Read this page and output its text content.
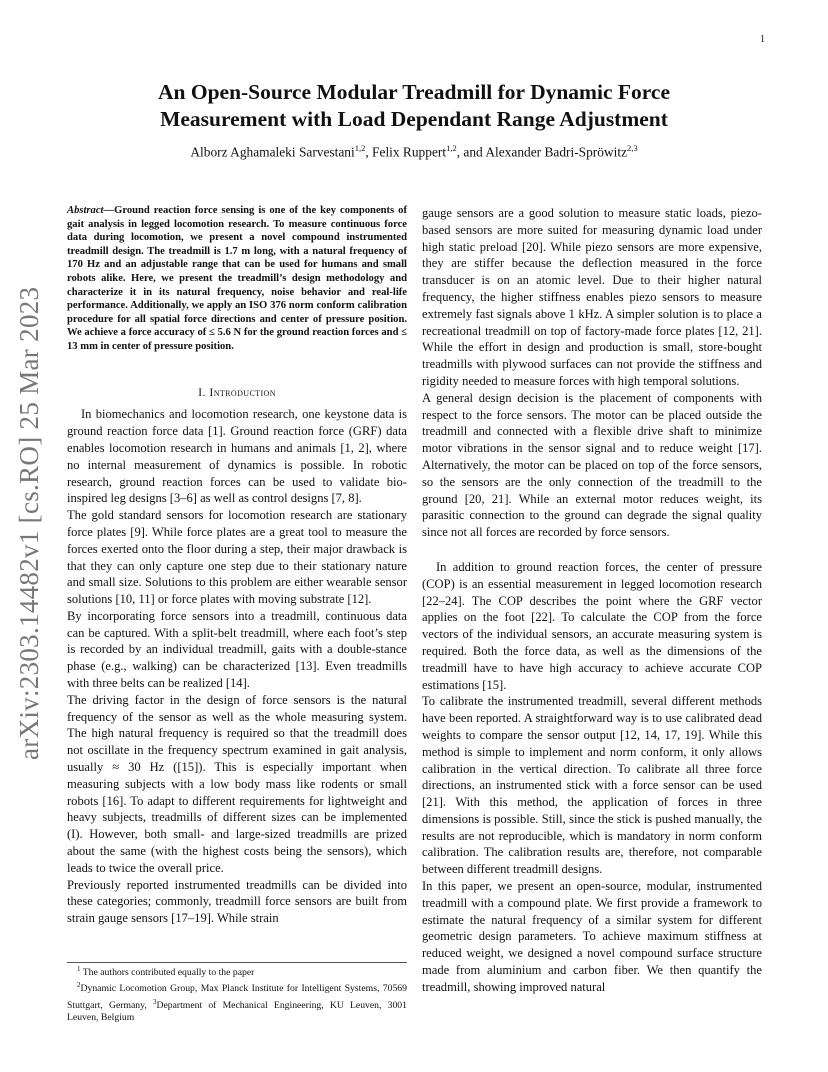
1
arXiv:2303.14482v1 [cs.RO] 25 Mar 2023
An Open-Source Modular Treadmill for Dynamic Force
Measurement with Load Dependant Range Adjustment
Alborz Aghamaleki Sarvestani$^{1,2}$, Felix Ruppert$^{1,2}$, and Alexander Badri-Spröwitz$^{2,3}$

Abstract—Ground reaction force sensing is one of the key components of gait analysis in legged locomotion research. To measure continuous force data during locomotion, we present a novel compound instrumented treadmill design. The treadmill is 1.7 m long, with a natural frequency of 170 Hz and an adjustable range that can be used for humans and small robots alike. Here, we present the treadmill’s design methodology and characterize it in its natural frequency, noise behavior and real-life performance. Additionally, we apply an ISO 376 norm conform calibration procedure for all spatial force directions and center of pressure position. We achieve a force accuracy of ≤ 5.6 N for the ground reaction forces and ≤ 13 mm in center of pressure position.

I. Introduction

In biomechanics and locomotion research, one keystone data is ground reaction force data [1]. Ground reaction force (GRF) data enables locomotion research in humans and animals [1, 2], where no internal measurement of dynamics is possible. In robotic research, ground reaction forces can be used to validate bio-inspired leg designs [3–6] as well as control designs [7, 8].

The gold standard sensors for locomotion research are stationary force plates [9]. While force plates are a great tool to measure the forces exerted onto the floor during a step, their major drawback is that they can only capture one step due to their stationary nature and small size. Solutions to this problem are either wearable sensor solutions [10, 11] or force plates with moving substrate [12].

By incorporating force sensors into a treadmill, continuous data can be captured. With a split-belt treadmill, where each foot’s step is recorded by an individual treadmill, gaits with a double-stance phase (e.g., walking) can be characterized [13]. Even treadmills with three belts can be realized [14].

The driving factor in the design of force sensors is the natural frequency of the sensor as well as the whole measuring system. The high natural frequency is required so that the treadmill does not oscillate in the frequency spectrum examined in gait analysis, usually ≈ 30 Hz ([15]). This is especially important when measuring subjects with a low body mass like rodents or small robots [16]. To adapt to different requirements for lightweight and heavy subjects, treadmills of different sizes can be implemented (I). However, both small- and large-sized treadmills are prized about the same (with the highest costs being the sensors), which leads to twice the overall price.

Previously reported instrumented treadmills can be divided into these categories; commonly, treadmill force sensors are built from strain gauge sensors [17–19]. While strain

$^1$ The authors contributed equally to the paper

$^2$Dynamic Locomotion Group, Max Planck Institute for Intelligent Systems, 70569 Stuttgart, Germany, $^3$Department of Mechanical Engineering, KU Leuven, 3001 Leuven, Belgium

gauge sensors are a good solution to measure static loads, piezo-based sensors are more suited for measuring dynamic load under high static preload [20]. While piezo sensors are more expensive, they are stiffer because the deflection measured in the force transducer is on an atomic level. Due to their higher natural frequency, the higher stiffness enables piezo sensors to measure extremely fast signals above 1 kHz. A simpler solution is to place a recreational treadmill on top of factory-made force plates [12, 21]. While the effort in design and production is small, store-bought treadmills with plywood surfaces can not provide the stiffness and rigidity needed to measure forces with high temporal solutions.

A general design decision is the placement of components with respect to the force sensors. The motor can be placed outside the treadmill and connected with a flexible drive shaft to minimize motor vibrations in the sensor signal and to reduce weight [17]. Alternatively, the motor can be placed on top of the force sensors, so the sensors are the only connection of the treadmill to the ground [20, 21]. While an external motor reduces weight, its parasitic connection to the ground can degrade the signal quality since not all forces are recorded by force sensors.

In addition to ground reaction forces, the center of pressure (COP) is an essential measurement in legged locomotion research [22–24]. The COP describes the point where the GRF vector applies on the foot [22]. To calculate the COP from the force vectors of the individual sensors, an accurate measuring system is required. Both the force data, as well as the dimensions of the treadmill have to have high accuracy to achieve accurate COP estimations [15].

To calibrate the instrumented treadmill, several different methods have been reported. A straightforward way is to use calibrated dead weights to compare the sensor output [12, 14, 17, 19]. While this method is simple to implement and norm conform, it only allows calibration in the vertical direction. To calibrate all three force directions, an instrumented stick with a force sensor can be used [21]. With this method, the application of forces in three dimensions is possible. Still, since the stick is pushed manually, the results are not reproducible, which is mandatory in norm conform calibration. The calibration results are, therefore, not comparable between different treadmill designs.

In this paper, we present an open-source, modular, instrumented treadmill with a compound plate. We first provide a framework to estimate the natural frequency of a similar system for different geometric design parameters. To achieve maximum stiffness at reduced weight, we designed a novel compound surface structure made from aluminium and carbon fiber. We then quantify the treadmill, showing improved natural
